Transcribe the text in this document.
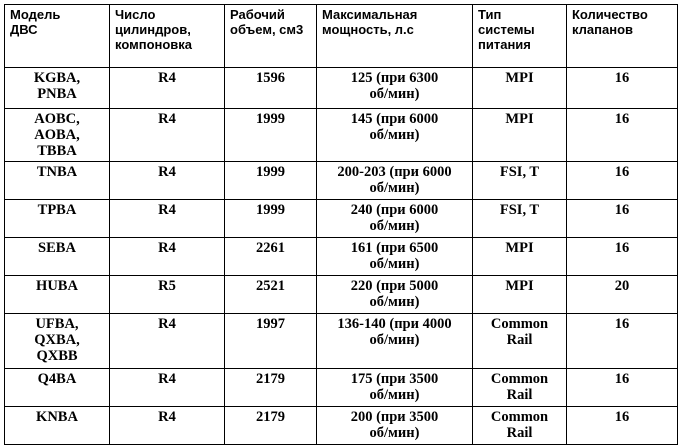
Модель
ДВС	Число
цилиндров,
компоновка	Рабочий
объем, см3	Максимальная
мощность, л.с	Тип
системы
питания	Количество
клапанов
KGBA,
PNBA	R4	1596	125 (при 6300
об/мин)	MPI	16
AOBC,
AOBA,
TBBA	R4	1999	145 (при 6000
об/мин)	MPI	16
TNBA	R4	1999	200-203 (при 6000
об/мин)	FSI, T	16
TPBA	R4	1999	240 (при 6000
об/мин)	FSI, T	16
SEBA	R4	2261	161 (при 6500
об/мин)	MPI	16
HUBA	R5	2521	220 (при 5000
об/мин)	MPI	20
UFBA,
QXBA,
QXBB	R4	1997	136-140 (при 4000
об/мин)	Common
Rail	16
Q4BA	R4	2179	175 (при 3500
об/мин)	Common
Rail	16
KNBA	R4	2179	200 (при 3500
об/мин)	Common
Rail	16
